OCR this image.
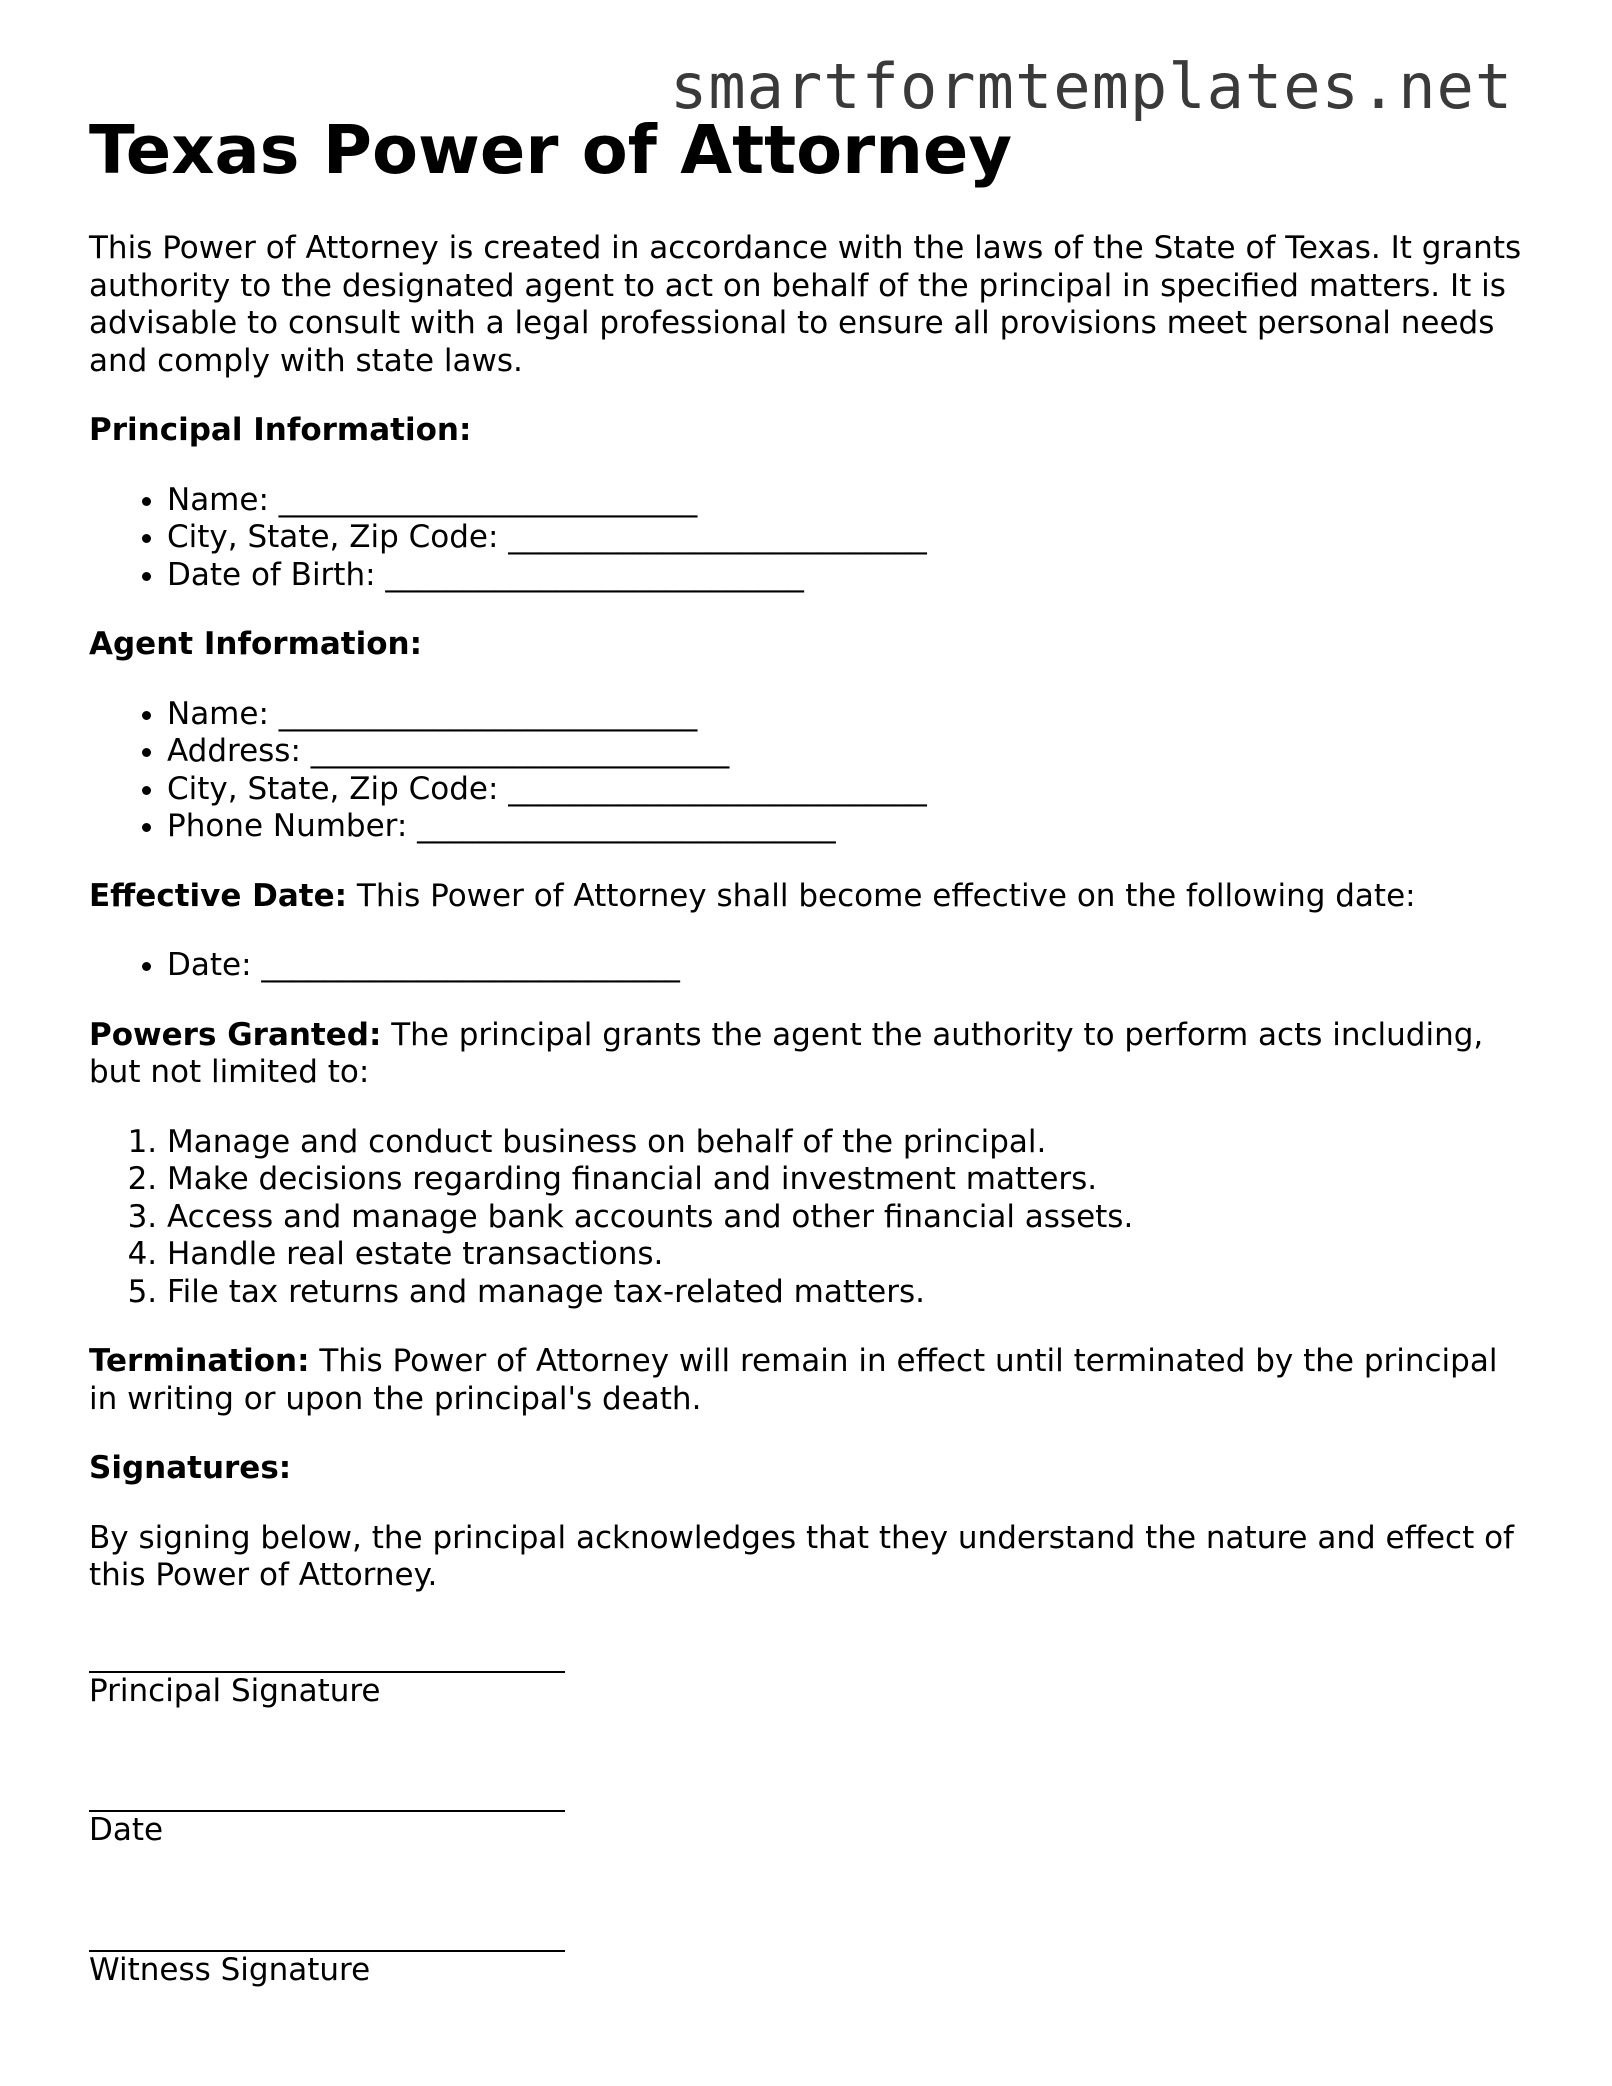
smartformtemplates.net
Texas Power of Attorney

This Power of Attorney is created in accordance with the laws of the State of Texas. It grants authority to the designated agent to act on behalf of the principal in specified matters. It is advisable to consult with a legal professional to ensure all provisions meet personal needs and comply with state laws.

Principal Information:

• Name: ___________________________
• City, State, Zip Code: ___________________________
• Date of Birth: ___________________________

Agent Information:

• Name: ___________________________
• Address: ___________________________
• City, State, Zip Code: ___________________________
• Phone Number: ___________________________

Effective Date: This Power of Attorney shall become effective on the following date:

• Date: ___________________________

Powers Granted: The principal grants the agent the authority to perform acts including, but not limited to:

1. Manage and conduct business on behalf of the principal.
2. Make decisions regarding financial and investment matters.
3. Access and manage bank accounts and other financial assets.
4. Handle real estate transactions.
5. File tax returns and manage tax-related matters.

Termination: This Power of Attorney will remain in effect until terminated by the principal in writing or upon the principal's death.

Signatures:

By signing below, the principal acknowledges that they understand the nature and effect of this Power of Attorney.

Principal Signature
Date
Witness Signature
